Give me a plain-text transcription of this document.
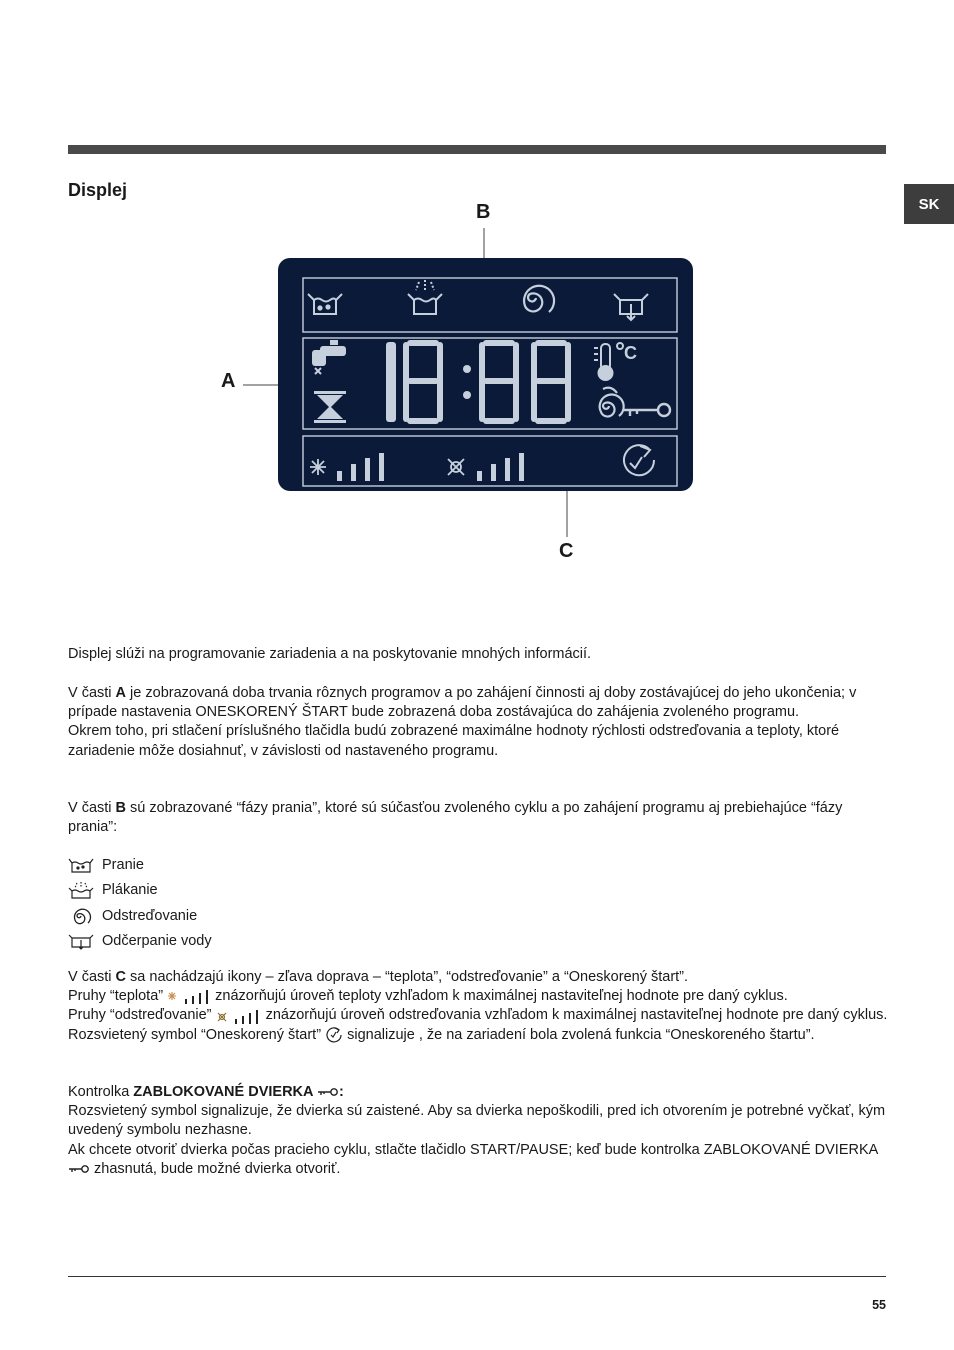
Displej
SK
B
A
C
C

Displej slúži na programovanie zariadenia a na poskytovanie mnohých informácií.

V časti A je zobrazovaná doba trvania rôznych programov a po zahájení činnosti aj doby zostávajúcej do jeho ukončenia; v prípade nastavenia ONESKORENÝ ŠTART bude zobrazená doba zostávajúca do zahájenia zvoleného programu.

Okrem toho, pri stlačení príslušného tlačidla budú zobrazené maximálne hodnoty rýchlosti odstreďovania a teploty, ktoré zariadenie môže dosiahnuť, v závislosti od nastaveného programu.

V časti B sú zobrazované “fázy prania”, ktoré sú súčasťou zvoleného cyklu a po zahájení programu aj prebiehajúce “fázy prania”:

Pranie
Plákanie
Odstreďovanie
Odčerpanie vody

V časti C sa nachádzajú ikony – zľava doprava – “teplota”, “odstreďovanie” a “Oneskorený štart”.

Pruhy “teplota”	znázorňujú úroveň teploty vzhľadom k maximálnej nastaviteľnej hodnote pre daný cyklus.

Pruhy “odstreďovanie”	znázorňujú úroveň odstreďovania vzhľadom k maximálnej nastaviteľnej hodnote pre daný cyklus.

Rozsvietený symbol “Oneskorený štart”  signalizuje , že na zariadení bola zvolená funkcia “Oneskoreného štartu”.

Kontrolka ZABLOKOVANÉ DVIERKA :

Rozsvietený symbol signalizuje, že dvierka sú zaistené. Aby sa dvierka nepoškodili, pred ich otvorením je potrebné vyčkať, kým uvedený symbolu nezhasne.

Ak chcete otvoriť dvierka počas pracieho cyklu, stlačte tlačidlo START/PAUSE; keď bude kontrolka ZABLOKOVANÉ DVIERKA  zhasnutá, bude možné dvierka otvoriť.

55
